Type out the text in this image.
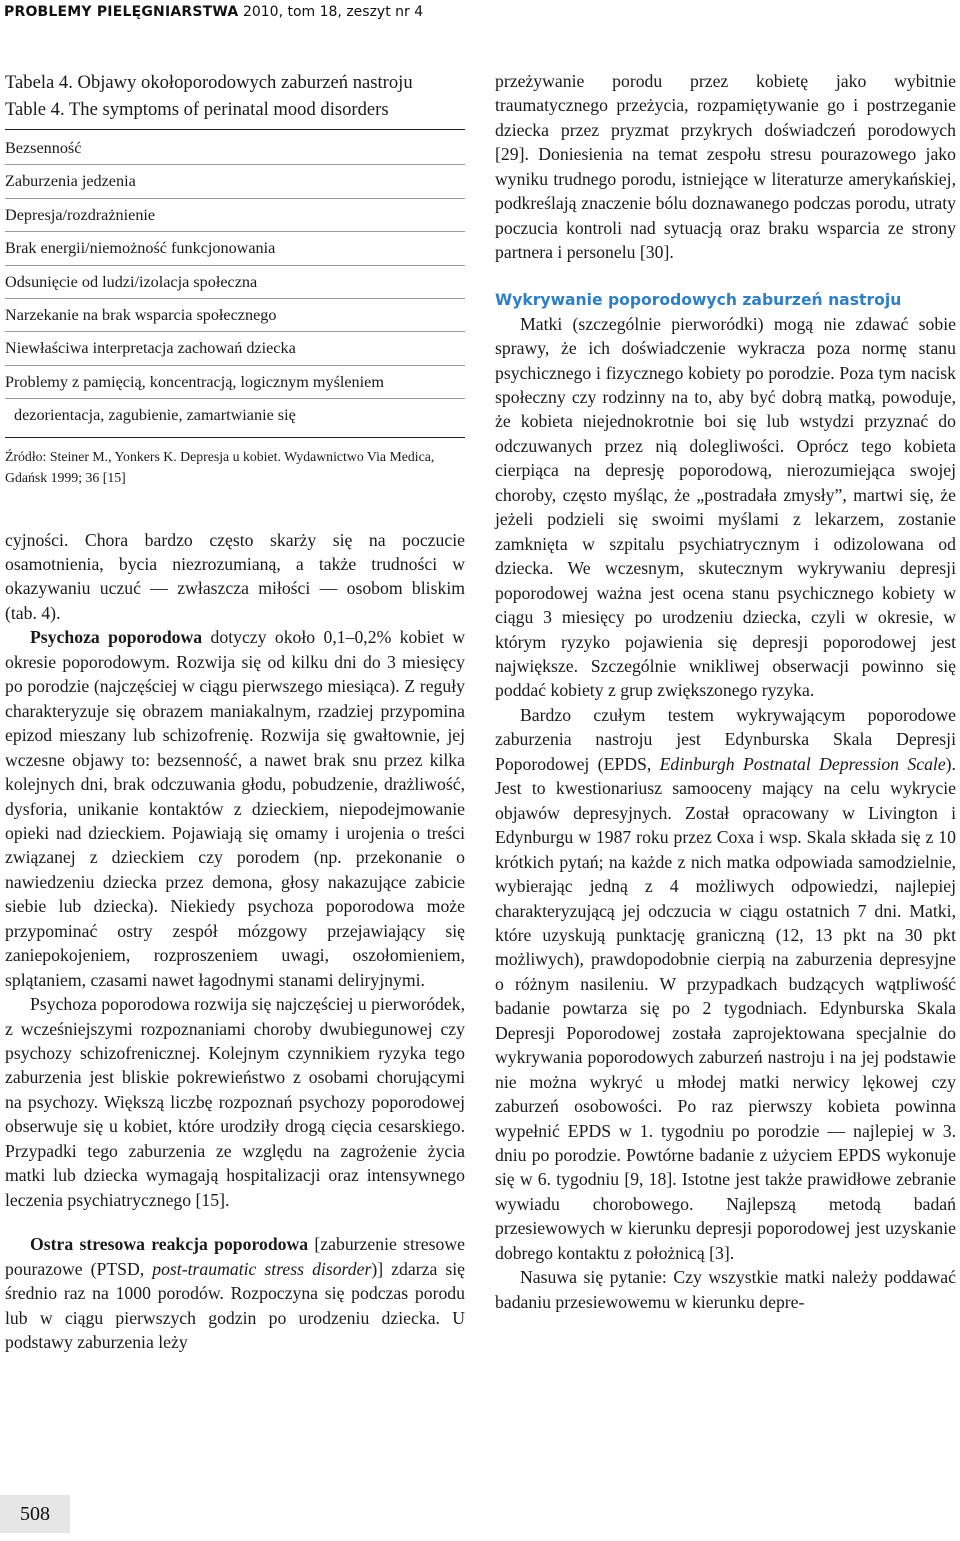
PROBLEMY PIELĘGNIARSTWA 2010, tom 18, zeszyt nr 4
Tabela 4. Objawy okołoporodowych zaburzeń nastroju
Table 4. The symptoms of perinatal mood disorders
Bezsenność
Zaburzenia jedzenia
Depresja/rozdrażnienie
Brak energii/niemożność funkcjonowania
Odsunięcie od ludzi/izolacja społeczna
Narzekanie na brak wsparcia społecznego
Niewłaściwa interpretacja zachowań dziecka
Problemy z pamięcią, koncentracją, logicznym myśleniem
dezorientacja, zagubienie, zamartwianie się
Źródło: Steiner M., Yonkers K. Depresja u kobiet. Wydawnictwo Via Medica, Gdańsk 1999; 36 [15]

cyjności. Chora bardzo często skarży się na poczucie osamotnienia, bycia niezrozumianą, a także trudności w okazywaniu uczuć — zwłaszcza miłości — osobom bliskim (tab. 4).

Psychoza poporodowa dotyczy około 0,1–0,2% kobiet w okresie poporodowym. Rozwija się od kilku dni do 3 miesięcy po porodzie (najczęściej w ciągu pierwszego miesiąca). Z reguły charakteryzuje się obrazem maniakalnym, rzadziej przypomina epizod mieszany lub schizofrenię. Rozwija się gwałtownie, jej wczesne objawy to: bezsenność, a nawet brak snu przez kilka kolejnych dni, brak odczuwania głodu, pobudzenie, drażliwość, dysforia, unikanie kontaktów z dzieckiem, niepodejmowanie opieki nad dzieckiem. Pojawiają się omamy i urojenia o treści związanej z dzieckiem czy porodem (np. przekonanie o nawiedzeniu dziecka przez demona, głosy nakazujące zabicie siebie lub dziecka). Niekiedy psychoza poporodowa może przypominać ostry zespół mózgowy przejawiający się zaniepokojeniem, rozproszeniem uwagi, oszołomieniem, splątaniem, czasami nawet łagodnymi stanami deliryjnymi.

Psychoza poporodowa rozwija się najczęściej u pierworódek, z wcześniejszymi rozpoznaniami choroby dwubiegunowej czy psychozy schizofrenicznej. Kolejnym czynnikiem ryzyka tego zaburzenia jest bliskie pokrewieństwo z osobami chorującymi na psychozy. Większą liczbę rozpoznań psychozy poporodowej obserwuje się u kobiet, które urodziły drogą cięcia cesarskiego. Przypadki tego zaburzenia ze względu na zagrożenie życia matki lub dziecka wymagają hospitalizacji oraz intensywnego leczenia psychiatrycznego [15].

Ostra stresowa reakcja poporodowa [zaburzenie stresowe pourazowe (PTSD, post-traumatic stress disorder)] zdarza się średnio raz na 1000 porodów. Rozpoczyna się podczas porodu lub w ciągu pierwszych godzin po urodzeniu dziecka. U podstawy zaburzenia leży

przeżywanie porodu przez kobietę jako wybitnie traumatycznego przeżycia, rozpamiętywanie go i postrzeganie dziecka przez pryzmat przykrych doświadczeń porodowych [29]. Doniesienia na temat zespołu stresu pourazowego jako wyniku trudnego porodu, istniejące w literaturze amerykańskiej, podkreślają znaczenie bólu doznawanego podczas porodu, utraty poczucia kontroli nad sytuacją oraz braku wsparcia ze strony partnera i personelu [30].

Wykrywanie poporodowych zaburzeń nastroju

Matki (szczególnie pierworódki) mogą nie zdawać sobie sprawy, że ich doświadczenie wykracza poza normę stanu psychicznego i fizycznego kobiety po porodzie. Poza tym nacisk społeczny czy rodzinny na to, aby być dobrą matką, powoduje, że kobieta niejednokrotnie boi się lub wstydzi przyznać do odczuwanych przez nią dolegliwości. Oprócz tego kobieta cierpiąca na depresję poporodową, nierozumiejąca swojej choroby, często myśląc, że „postradała zmysły”, martwi się, że jeżeli podzieli się swoimi myślami z lekarzem, zostanie zamknięta w szpitalu psychiatrycznym i odizolowana od dziecka. We wczesnym, skutecznym wykrywaniu depresji poporodowej ważna jest ocena stanu psychicznego kobiety w ciągu 3 miesięcy po urodzeniu dziecka, czyli w okresie, w którym ryzyko pojawienia się depresji poporodowej jest największe. Szczególnie wnikliwej obserwacji powinno się poddać kobiety z grup zwiększonego ryzyka.

Bardzo czułym testem wykrywającym poporodowe zaburzenia nastroju jest Edynburska Skala Depresji Poporodowej (EPDS, Edinburgh Postnatal Depression Scale). Jest to kwestionariusz samooceny mający na celu wykrycie objawów depresyjnych. Został opracowany w Livington i Edynburgu w 1987 roku przez Coxa i wsp. Skala składa się z 10 krótkich pytań; na każde z nich matka odpowiada samodzielnie, wybierając jedną z 4 możliwych odpowiedzi, najlepiej charakteryzującą jej odczucia w ciągu ostatnich 7 dni. Matki, które uzyskują punktację graniczną (12, 13 pkt na 30 pkt możliwych), prawdopodobnie cierpią na zaburzenia depresyjne o różnym nasileniu. W przypadkach budzących wątpliwość badanie powtarza się po 2 tygodniach. Edynburska Skala Depresji Poporodowej została zaprojektowana specjalnie do wykrywania poporodowych zaburzeń nastroju i na jej podstawie nie można wykryć u młodej matki nerwicy lękowej czy zaburzeń osobowości. Po raz pierwszy kobieta powinna wypełnić EPDS w 1. tygodniu po porodzie — najlepiej w 3. dniu po porodzie. Powtórne badanie z użyciem EPDS wykonuje się w 6. tygodniu [9, 18]. Istotne jest także prawidłowe zebranie wywiadu chorobowego. Najlepszą metodą badań przesiewowych w kierunku depresji poporodowej jest uzyskanie dobrego kontaktu z położnicą [3].

Nasuwa się pytanie: Czy wszystkie matki należy poddawać badaniu przesiewowemu w kierunku depre-

508
